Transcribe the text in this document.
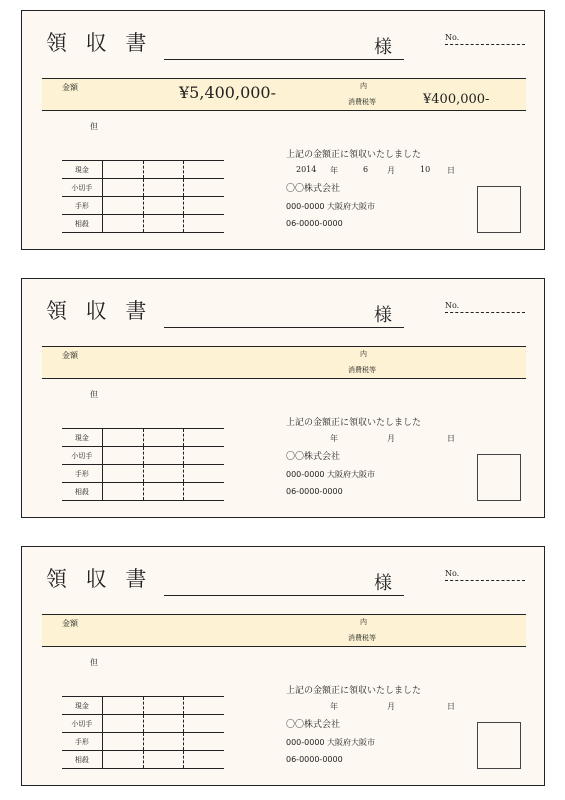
領 収 書	様	No.
金額	¥5,400,000-	内
消費税等	¥400,000-
但
現金			
小切手			
手形			
相殺			
上記の金額正に領収いたしました
2014 年	6 月	10 日
〇〇株式会社
000-0000 大阪府大阪市
06-0000-0000
領 収 書	様	No.
金額	内
消費税等
但
現金			
小切手			
手形			
相殺			
上記の金額正に領収いたしました
年	月	日
〇〇株式会社
000-0000 大阪府大阪市
06-0000-0000
領 収 書	様	No.
金額	内
消費税等
但
現金			
小切手			
手形			
相殺			
上記の金額正に領収いたしました
年	月	日
〇〇株式会社
000-0000 大阪府大阪市
06-0000-0000
